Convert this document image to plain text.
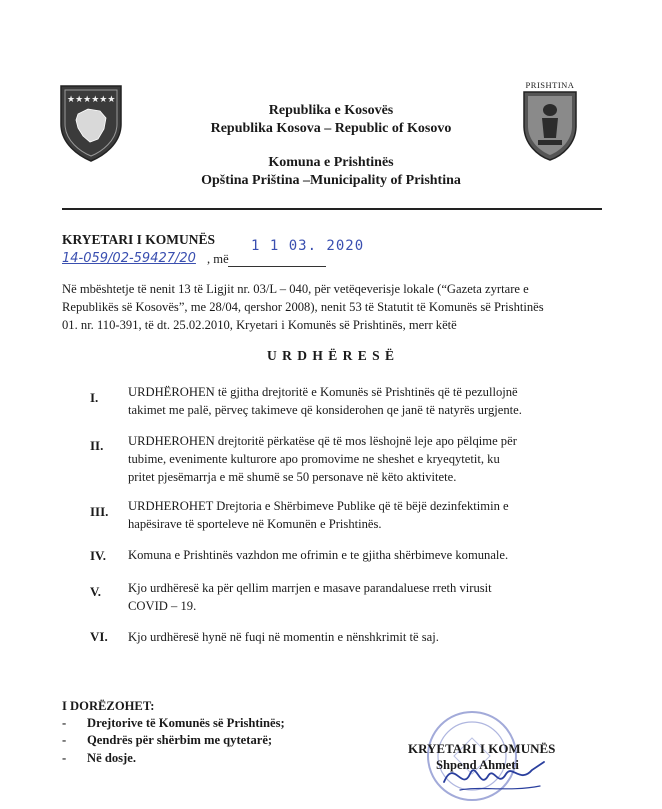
★★★★★★
PRISHTINA
Republika e Kosovës
Republika Kosova – Republic of Kosovo
Komuna e Prishtinës
Opština Priština –Municipality of Prishtina
KRYETARI I KOMUNËS	1 1 03. 2020
14-059/02-59427/20 , më
Në mbështetje të nenit 13 të Ligjit nr. 03/L – 040, për vetëqeverisje lokale (“Gazeta zyrtare e
Republikës së Kosovës”, me 28/04, qershor 2008), nenit 53 të Statutit të Komunës së Prishtinës
01. nr. 110-391, të dt. 25.02.2010, Kryetari i Komunës së Prishtinës, merr këtë
U R D H Ë R E S Ë
I. URDHËROHEN të gjitha drejtoritë e Komunës së Prishtinës që të pezullojnë
takimet me palë, përveç takimeve që konsiderohen qe janë të natyrës urgjente.
II. URDHEROHEN drejtoritë përkatëse që të mos lëshojnë leje apo pëlqime për
tubime, evenimente kulturore apo promovime ne sheshet e kryeqytetit, ku
pritet pjesëmarrja e më shumë se 50 personave në këto aktivitete.
III. URDHEROHET Drejtoria e Shërbimeve Publike që të bëjë dezinfektimin e
hapësirave të sporteleve në Komunën e Prishtinës.
IV. Komuna e Prishtinës vazhdon me ofrimin e te gjitha shërbimeve komunale.
V. Kjo urdhëresë ka për qellim marrjen e masave parandaluese rreth virusit
COVID – 19.
VI. Kjo urdhëresë hynë në fuqi në momentin e nënshkrimit të saj.
I DORËZOHET:
- Drejtorive të Komunës së Prishtinës;
- Qendrës për shërbim me qytetarë;
- Në dosje.
KRYETARI I KOMUNËS
Shpend Ahmeti
